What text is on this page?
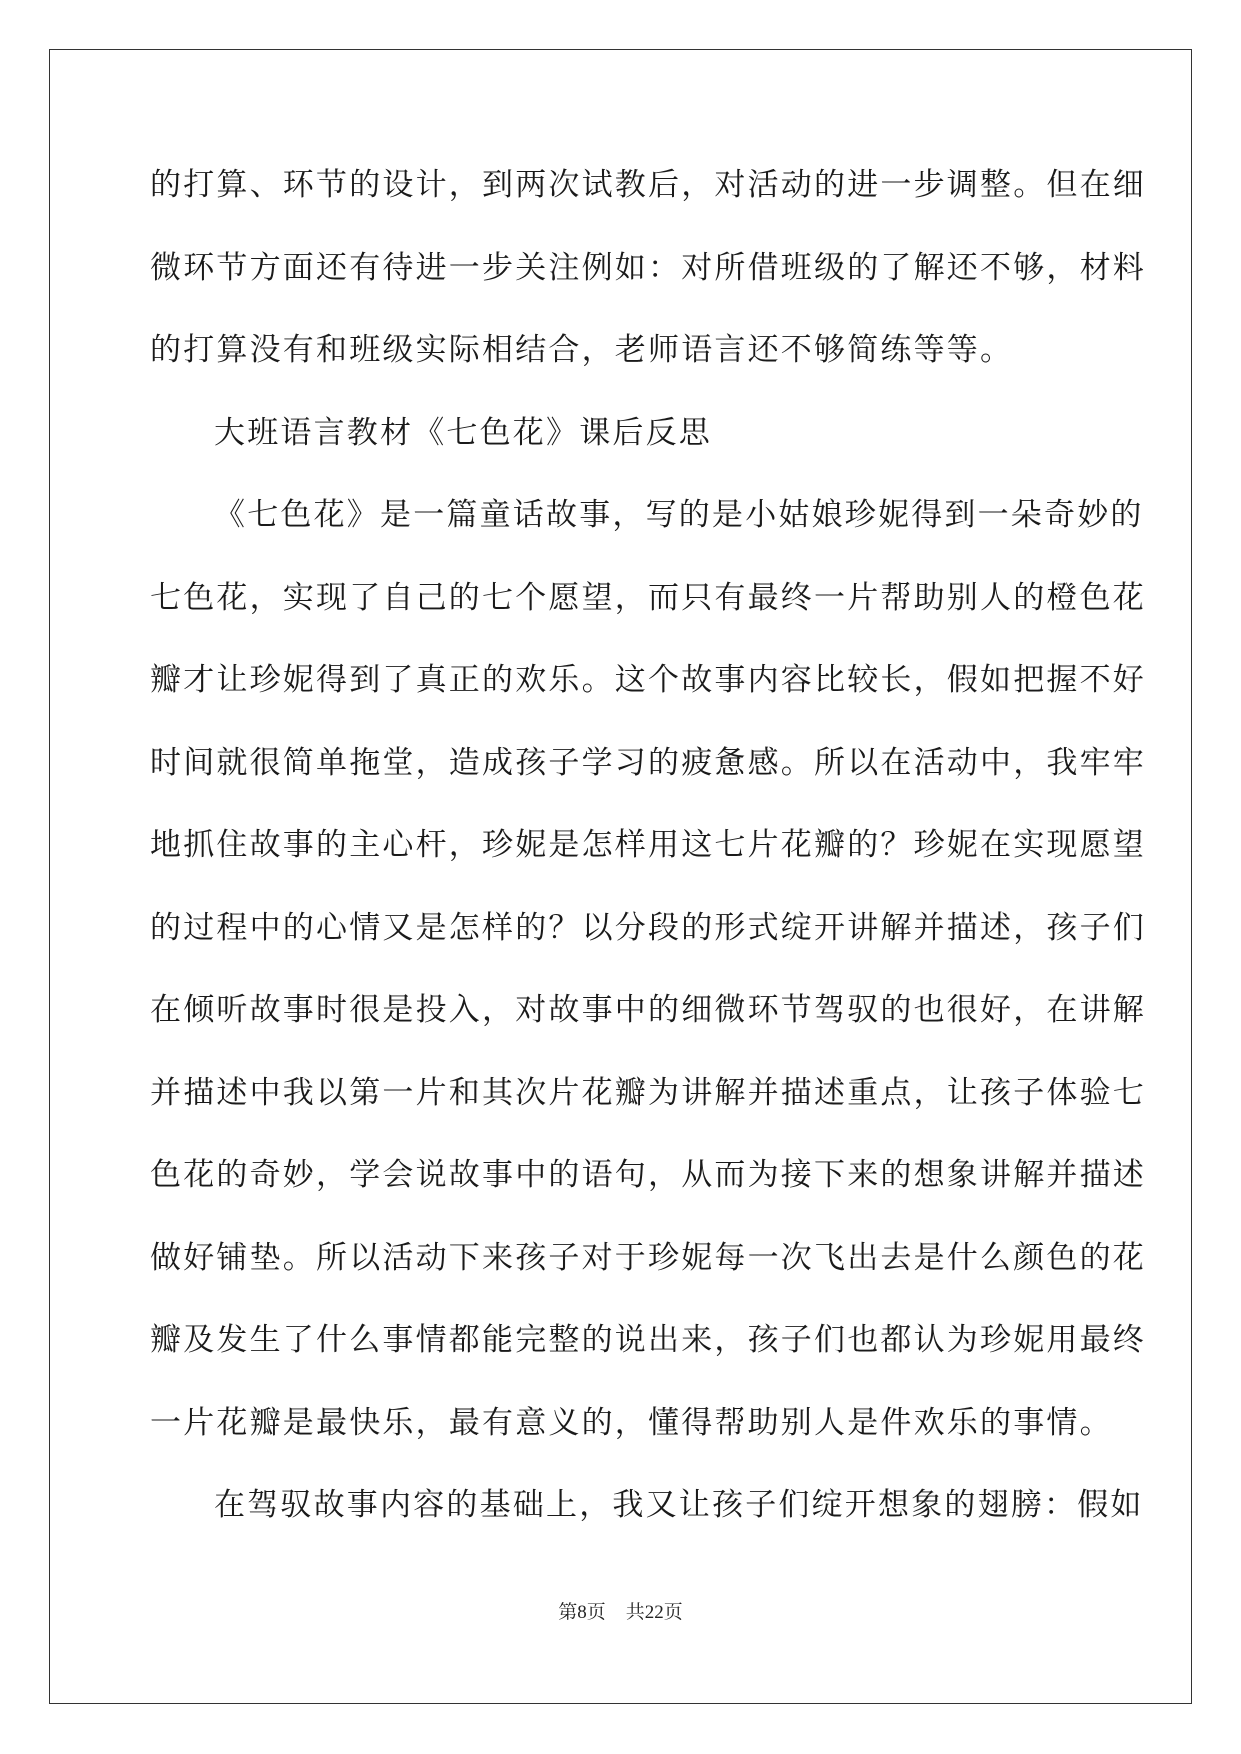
的打算、环节的设计，到两次试教后，对活动的进一步调整。但在细
微环节方面还有待进一步关注例如：对所借班级的了解还不够，材料
的打算没有和班级实际相结合，老师语言还不够简练等等。
大班语言教材《七色花》课后反思
《七色花》是一篇童话故事，写的是小姑娘珍妮得到一朵奇妙的
七色花，实现了自己的七个愿望，而只有最终一片帮助别人的橙色花
瓣才让珍妮得到了真正的欢乐。这个故事内容比较长，假如把握不好
时间就很简单拖堂，造成孩子学习的疲惫感。所以在活动中，我牢牢
地抓住故事的主心杆，珍妮是怎样用这七片花瓣的？珍妮在实现愿望
的过程中的心情又是怎样的？以分段的形式绽开讲解并描述，孩子们
在倾听故事时很是投入，对故事中的细微环节驾驭的也很好，在讲解
并描述中我以第一片和其次片花瓣为讲解并描述重点，让孩子体验七
色花的奇妙，学会说故事中的语句，从而为接下来的想象讲解并描述
做好铺垫。所以活动下来孩子对于珍妮每一次飞出去是什么颜色的花
瓣及发生了什么事情都能完整的说出来，孩子们也都认为珍妮用最终
一片花瓣是最快乐，最有意义的，懂得帮助别人是件欢乐的事情。
在驾驭故事内容的基础上，我又让孩子们绽开想象的翅膀：假如
第8页 共22页
